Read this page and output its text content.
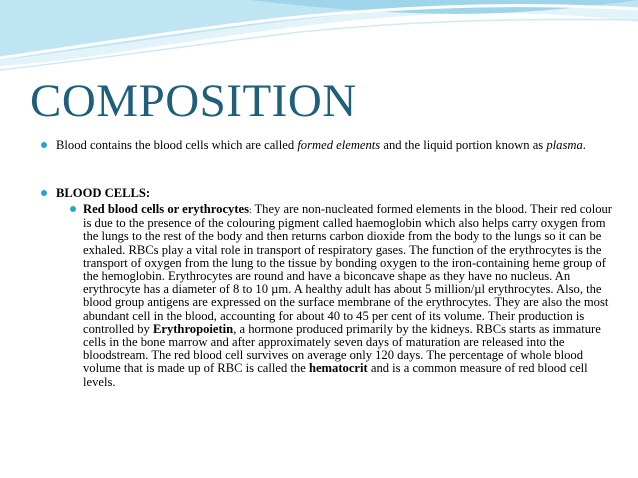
COMPOSITION
Blood contains the blood cells which are called formed elements and the liquid portion known as plasma.
BLOOD CELLS:
Red blood cells or erythrocytes: They are non-nucleated formed elements in the blood. Their red colour is due to the presence of the colouring pigment called haemoglobin which also helps carry oxygen from the lungs to the rest of the body and then returns carbon dioxide from the body to the lungs so it can be exhaled. RBCs play a vital role in transport of respiratory gases. The function of the erythrocytes is the transport of oxygen from the lung to the tissue by bonding oxygen to the iron-containing heme group of the hemoglobin. Erythrocytes are round and have a biconcave shape as they have no nucleus. An erythrocyte has a diameter of 8 to 10 µm. A healthy adult has about 5 million/µl erythrocytes. Also, the blood group antigens are expressed on the surface membrane of the erythrocytes. They are also the most abundant cell in the blood, accounting for about 40 to 45 per cent of its volume. Their production is controlled by Erythropoietin, a hormone produced primarily by the kidneys. RBCs starts as immature cells in the bone marrow and after approximately seven days of maturation are released into the bloodstream. The red blood cell survives on average only 120 days. The percentage of whole blood volume that is made up of RBC is called the hematocrit and is a common measure of red blood cell levels.
